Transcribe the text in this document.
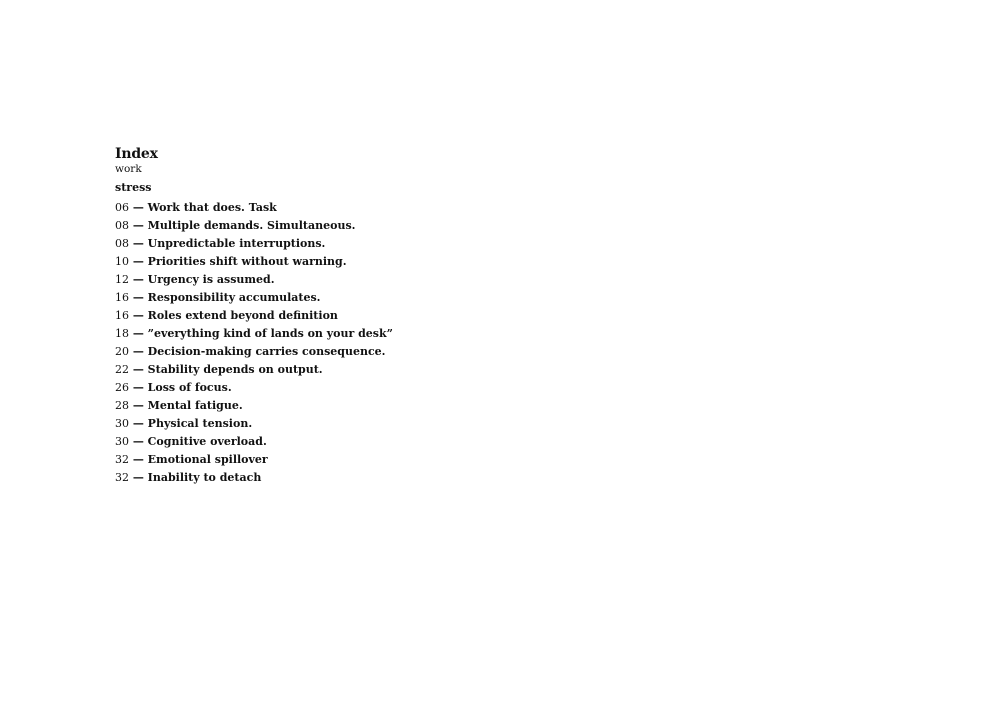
Index

work

stress

06 — Work that does. Task
08 — Multiple demands. Simultaneous.
08 — Unpredictable interruptions.
10 — Priorities shift without warning.
12 — Urgency is assumed.
16 — Responsibility accumulates.
16 — Roles extend beyond definition
18 — ”everything kind of lands on your desk”
20 — Decision-making carries consequence.
22 — Stability depends on output.
26 — Loss of focus.
28 — Mental fatigue.
30 — Physical tension.
30 — Cognitive overload.
32 — Emotional spillover
32 — Inability to detach
